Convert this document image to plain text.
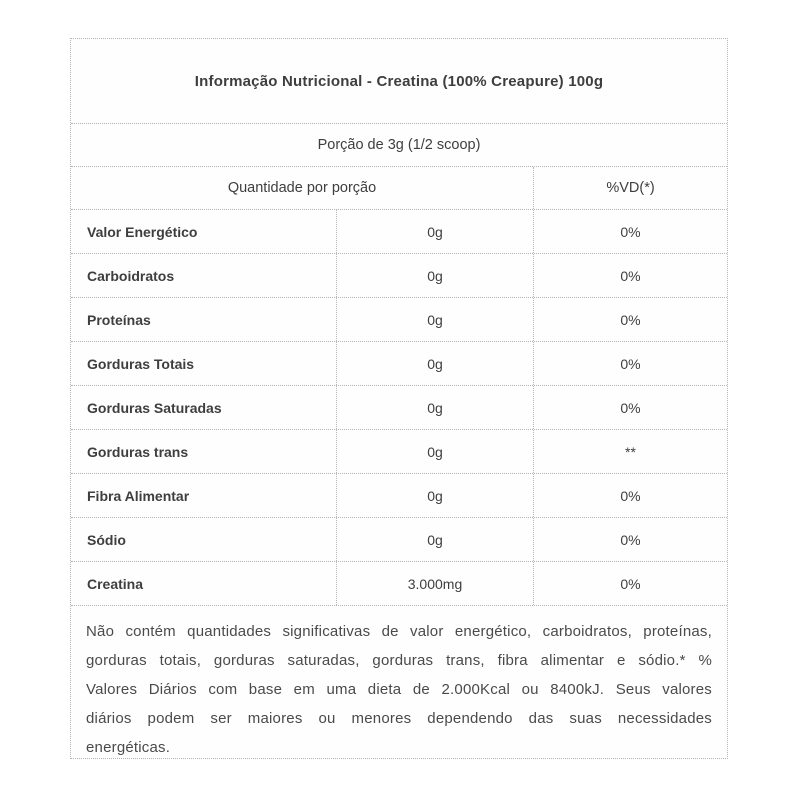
Informação Nutricional - Creatina (100% Creapure) 100g
Porção de 3g (1/2 scoop)
Quantidade por porção	%VD(*)
Valor Energético	0g	0%
Carboidratos	0g	0%
Proteínas	0g	0%
Gorduras Totais	0g	0%
Gorduras Saturadas	0g	0%
Gorduras trans	0g	**
Fibra Alimentar	0g	0%
Sódio	0g	0%
Creatina	3.000mg	0%
Não contém quantidades significativas de valor energético, carboidratos, proteínas, gorduras totais, gorduras saturadas, gorduras trans, fibra alimentar e sódio.* % Valores Diários com base em uma dieta de 2.000Kcal ou 8400kJ. Seus valores diários podem ser maiores ou menores dependendo das suas necessidades energéticas.
